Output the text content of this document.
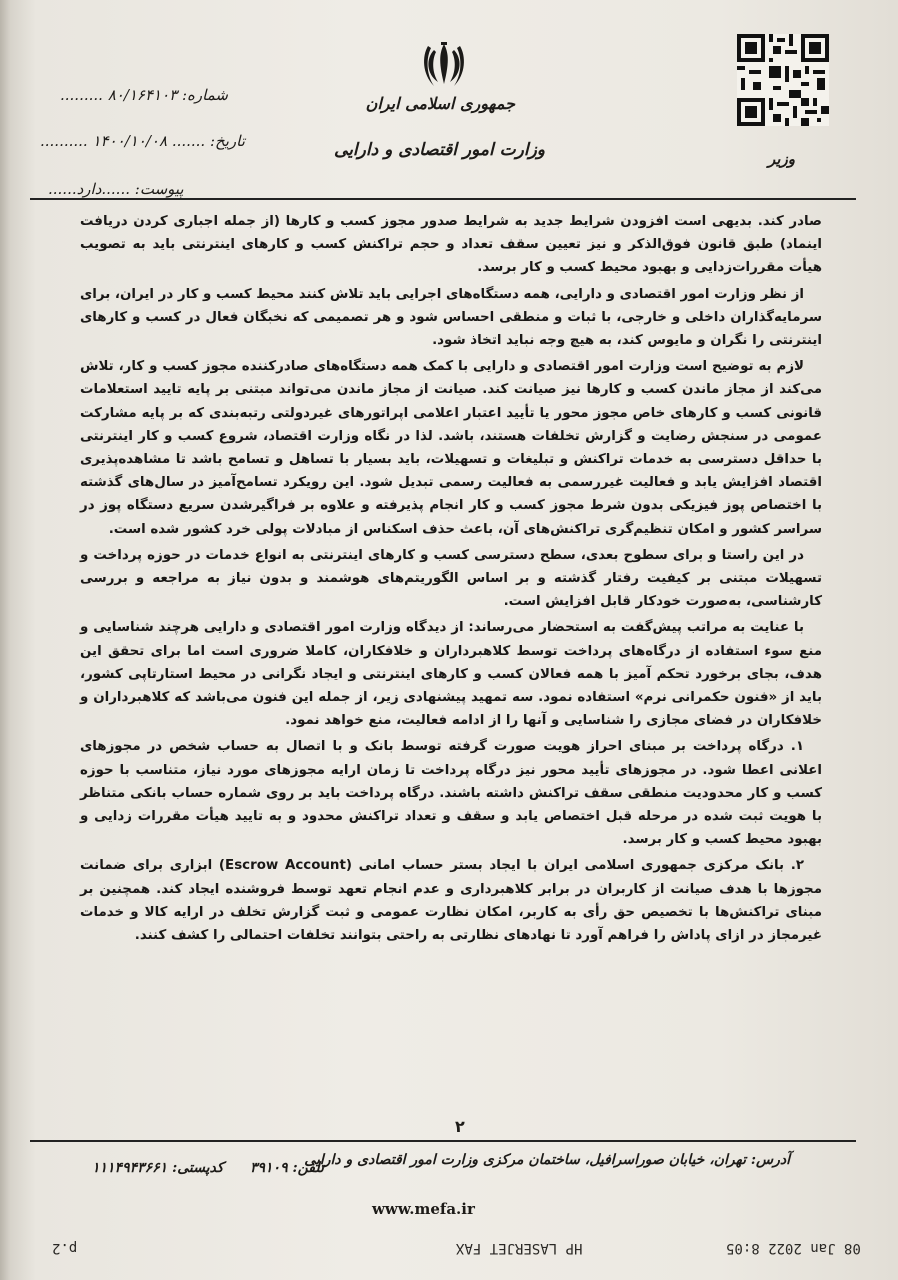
جمهوری اسلامی ایران
وزارت امور اقتصادی و دارایی	وزیر
شماره: ۸۰/۱۶۴۱۰۳ .........
تاریخ: ....... ۱۴۰۰/۱۰/۰۸ ..........
پیوست: ......دارد......

صادر کند. بدیهی است افزودن شرایط جدید به شرایط صدور مجوز کسب و کارها (از جمله اجباری کردن دریافت اینماد) طبق قانون فوق‌الذکر و نیز تعیین سقف تعداد و حجم تراکنش کسب و کارهای اینترنتی باید به تصویب هیأت مقررات‌زدایی و بهبود محیط کسب و کار برسد.

از نظر وزارت امور اقتصادی و دارایی، همه دستگاه‌های اجرایی باید تلاش کنند محیط کسب و کار در ایران، برای سرمایه‌گذاران داخلی و خارجی، با ثبات و منطقی احساس شود و هر تصمیمی که نخبگان فعال در کسب و کارهای اینترنتی را نگران و مایوس کند، به هیچ وجه نباید اتخاذ شود.

لازم به توضیح است وزارت امور اقتصادی و دارایی با کمک همه دستگاه‌های صادرکننده مجوز کسب و کار، تلاش می‌کند از مجاز ماندن کسب و کارها نیز صیانت کند. صیانت از مجاز ماندن می‌تواند مبتنی بر پایه تایید استعلامات قانونی کسب و کارهای خاص مجوز محور یا تأیید اعتبار اعلامی اپراتورهای غیردولتی رتبه‌بندی که بر پایه مشارکت عمومی در سنجش رضایت و گزارش تخلفات هستند، باشد. لذا در نگاه وزارت اقتصاد، شروع کسب و کار اینترنتی با حداقل دسترسی به خدمات تراکنش و تبلیغات و تسهیلات، باید بسیار با تساهل و تسامح باشد تا مشاهده‌پذیری اقتصاد افزایش یابد و فعالیت غیررسمی به فعالیت رسمی تبدیل شود. این رویکرد تسامح‌آمیز در سال‌های گذشته با اختصاص پوز فیزیکی بدون شرط مجوز کسب و کار انجام پذیرفته و علاوه بر فراگیرشدن سریع دستگاه پوز در سراسر کشور و امکان تنظیم‌گری تراکنش‌های آن، باعث حذف اسکناس از مبادلات پولی خرد کشور شده است.

در این راستا و برای سطوح بعدی، سطح دسترسی کسب و کارهای اینترنتی به انواع خدمات در حوزه پرداخت و تسهیلات مبتنی بر کیفیت رفتار گذشته و بر اساس الگوریتم‌های هوشمند و بدون نیاز به مراجعه و بررسی کارشناسی، به‌صورت خودکار قابل افزایش است.

با عنایت به مراتب پیش‌گفت به استحضار می‌رساند: از دیدگاه وزارت امور اقتصادی و دارایی هرچند شناسایی و منع سوء استفاده از درگاه‌های پرداخت توسط کلاهبرداران و خلافکاران، کاملا ضروری است اما برای تحقق این هدف، بجای برخورد تحکم آمیز با همه فعالان کسب و کارهای اینترنتی و ایجاد نگرانی در محیط استارتاپی کشور، باید از «فنون حکمرانی نرم» استفاده نمود. سه تمهید پیشنهادی زیر، از جمله این فنون می‌باشد که کلاهبرداران و خلافکاران در فضای مجازی را شناسایی و آنها را از ادامه فعالیت، منع خواهد نمود.

۱. درگاه پرداخت بر مبنای احراز هویت صورت گرفته توسط بانک و با اتصال به حساب شخص در مجوزهای اعلانی اعطا شود. در مجوزهای تأیید محور نیز درگاه پرداخت تا زمان ارایه مجوزهای مورد نیاز، متناسب با حوزه کسب و کار محدودیت منطقی سقف تراکنش داشته باشند. درگاه پرداخت باید بر روی شماره حساب بانکی متناظر با هویت ثبت شده در مرحله قبل اختصاص یابد و سقف و تعداد تراکنش محدود و به تایید هیأت مقررات زدایی و بهبود محیط کسب و کار برسد.

۲. بانک مرکزی جمهوری اسلامی ایران با ایجاد بستر حساب امانی (Escrow Account) ابزاری برای ضمانت مجوزها با هدف صیانت از کاربران در برابر کلاهبرداری و عدم انجام تعهد توسط فروشنده ایجاد کند. همچنین بر مبنای تراکنش‌ها با تخصیص حق رأی به کاربر، امکان نظارت عمومی و ثبت گزارش تخلف در ارایه کالا و خدمات غیرمجاز در ازای پاداش را فراهم آورد تا نهادهای نظارتی به راحتی بتوانند تخلفات احتمالی را کشف کنند.

۲
آدرس: تهران، خیابان صوراسرافیل، ساختمان مرکزی وزارت امور اقتصادی و دارایی
تلفن: ۳۹۱۰۹
کدپستی: ۱۱۱۴۹۴۳۶۶۱
www.mefa.ir
08 Jan 2022 8:05
HP LASERJET FAX
p.2
